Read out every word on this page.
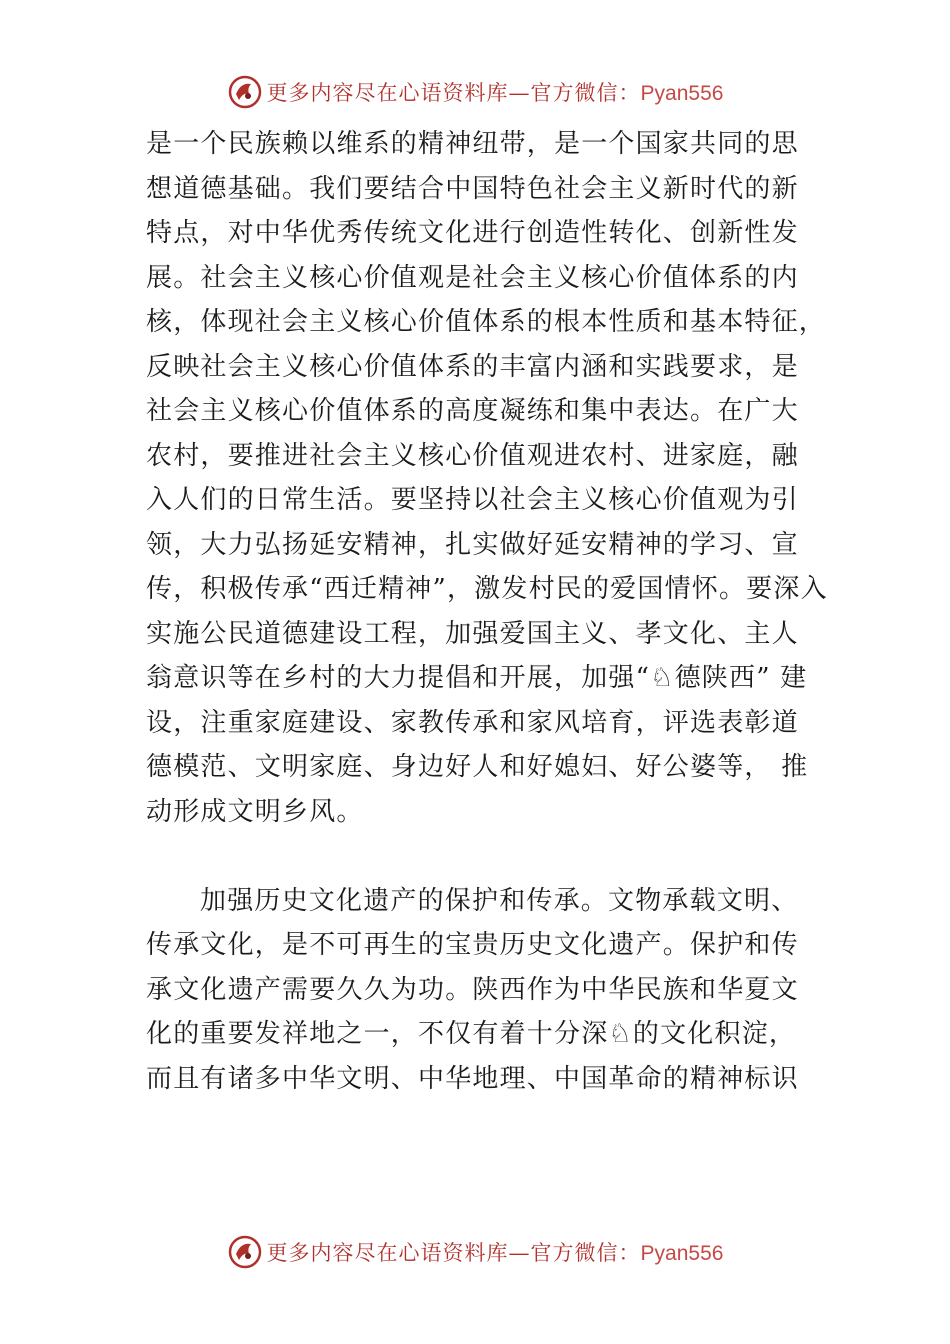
更多内容尽在心语资料库—官方微信：Pyan556
是一个民族赖以维系的精神纽带，是一个国家共同的思
想道德基础。我们要结合中国特色社会主义新时代的新
特点，对中华优秀传统文化进行创造性转化、创新性发
展。社会主义核心价值观是社会主义核心价值体系的内
核，体现社会主义核心价值体系的根本性质和基本特征，
反映社会主义核心价值体系的丰富内涵和实践要求，是
社会主义核心价值体系的高度凝练和集中表达。在广大
农村，要推进社会主义核心价值观进农村、进家庭，融
入人们的日常生活。要坚持以社会主义核心价值观为引
领，大力弘扬延安精神，扎实做好延安精神的学习、宣
传，积极传承“西迁精神”，激发村民的爱国情怀。要深入
实施公民道德建设工程，加强爱国主义、孝文化、主人
翁意识等在乡村的大力提倡和开展，加强“♘德陕西” 建
设，注重家庭建设、家教传承和家风培育，评选表彰道
德模范、文明家庭、身边好人和好媳妇、好公婆等， 推
动形成文明乡风。
加强历史文化遗产的保护和传承。文物承载文明、
传承文化，是不可再生的宝贵历史文化遗产。保护和传
承文化遗产需要久久为功。陕西作为中华民族和华夏文
化的重要发祥地之一，不仅有着十分深♘的文化积淀，
而且有诸多中华文明、中华地理、中国革命的精神标识
更多内容尽在心语资料库—官方微信：Pyan556
